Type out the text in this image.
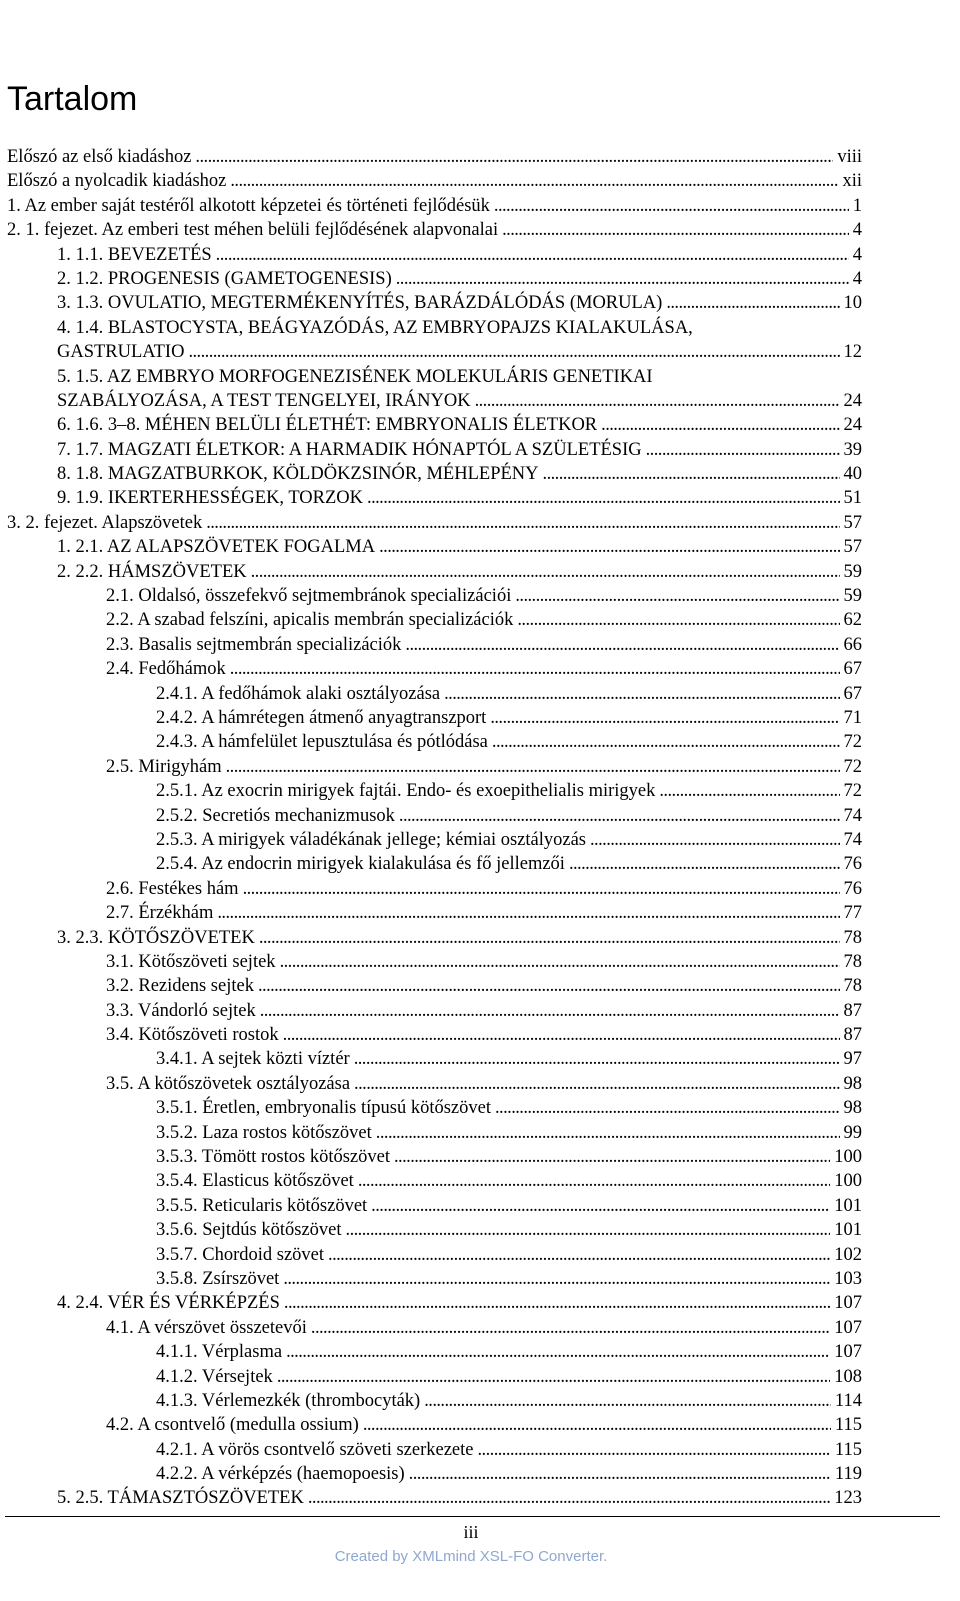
Tartalom
Előszó az első kiadáshoz . . .	viii
Előszó a nyolcadik kiadáshoz . . .	xii
1. Az ember saját testéről alkotott képzetei és történeti fejlődésük . . .	1
2. 1. fejezet. Az emberi test méhen belüli fejlődésének alapvonalai . . .	4
1. 1.1. BEVEZETÉS . . .	4
2. 1.2. PROGENESIS (GAMETOGENESIS) . . .	4
3. 1.3. OVULATIO, MEGTERMÉKENYÍTÉS, BARÁZDÁLÓDÁS (MORULA) . . .	10
4. 1.4. BLASTOCYSTA, BEÁGYAZÓDÁS, AZ EMBRYOPAJZS KIALAKULÁSA,
GASTRULATIO . . .	12
5. 1.5. AZ EMBRYO MORFOGENEZISÉNEK MOLEKULÁRIS GENETIKAI
SZABÁLYOZÁSA, A TEST TENGELYEI, IRÁNYOK . . .	24
6. 1.6. 3–8. MÉHEN BELÜLI ÉLETHÉT: EMBRYONALIS ÉLETKOR . . .	24
7. 1.7. MAGZATI ÉLETKOR: A HARMADIK HÓNAPTÓL A SZÜLETÉSIG . . .	39
8. 1.8. MAGZATBURKOK, KÖLDÖKZSINÓR, MÉHLEPÉNY . . .	40
9. 1.9. IKERTERHESSÉGEK, TORZOK . . .	51
3. 2. fejezet. Alapszövetek . . .	57
1. 2.1. AZ ALAPSZÖVETEK FOGALMA . . .	57
2. 2.2. HÁMSZÖVETEK . . .	59
2.1. Oldalsó, összefekvő sejtmembránok specializációi . . .	59
2.2. A szabad felszíni, apicalis membrán specializációk . . .	62
2.3. Basalis sejtmembrán specializációk . . .	66
2.4. Fedőhámok . . .	67
2.4.1. A fedőhámok alaki osztályozása . . .	67
2.4.2. A hámrétegen átmenő anyagtranszport . . .	71
2.4.3. A hámfelület lepusztulása és pótlódása . . .	72
2.5. Mirigyhám . . .	72
2.5.1. Az exocrin mirigyek fajtái. Endo- és exoepithelialis mirigyek . . .	72
2.5.2. Secretiós mechanizmusok . . .	74
2.5.3. A mirigyek váladékának jellege; kémiai osztályozás . . .	74
2.5.4. Az endocrin mirigyek kialakulása és fő jellemzői . . .	76
2.6. Festékes hám . . .	76
2.7. Érzékhám . . .	77
3. 2.3. KÖTŐSZÖVETEK . . .	78
3.1. Kötőszöveti sejtek . . .	78
3.2. Rezidens sejtek . . .	78
3.3. Vándorló sejtek . . .	87
3.4. Kötőszöveti rostok . . .	87
3.4.1. A sejtek közti víztér . . .	97
3.5. A kötőszövetek osztályozása . . .	98
3.5.1. Éretlen, embryonalis típusú kötőszövet . . .	98
3.5.2. Laza rostos kötőszövet . . .	99
3.5.3. Tömött rostos kötőszövet . . .	100
3.5.4. Elasticus kötőszövet . . .	100
3.5.5. Reticularis kötőszövet . . .	101
3.5.6. Sejtdús kötőszövet . . .	101
3.5.7. Chordoid szövet . . .	102
3.5.8. Zsírszövet . . .	103
4. 2.4. VÉR ÉS VÉRKÉPZÉS . . .	107
4.1. A vérszövet összetevői . . .	107
4.1.1. Vérplasma . . .	107
4.1.2. Vérsejtek . . .	108
4.1.3. Vérlemezkék (thrombocyták) . . .	114
4.2. A csontvelő (medulla ossium) . . .	115
4.2.1. A vörös csontvelő szöveti szerkezete . . .	115
4.2.2. A vérképzés (haemopoesis) . . .	119
5. 2.5. TÁMASZTÓSZÖVETEK . . .	123
iii
Created by XMLmind XSL-FO Converter.
